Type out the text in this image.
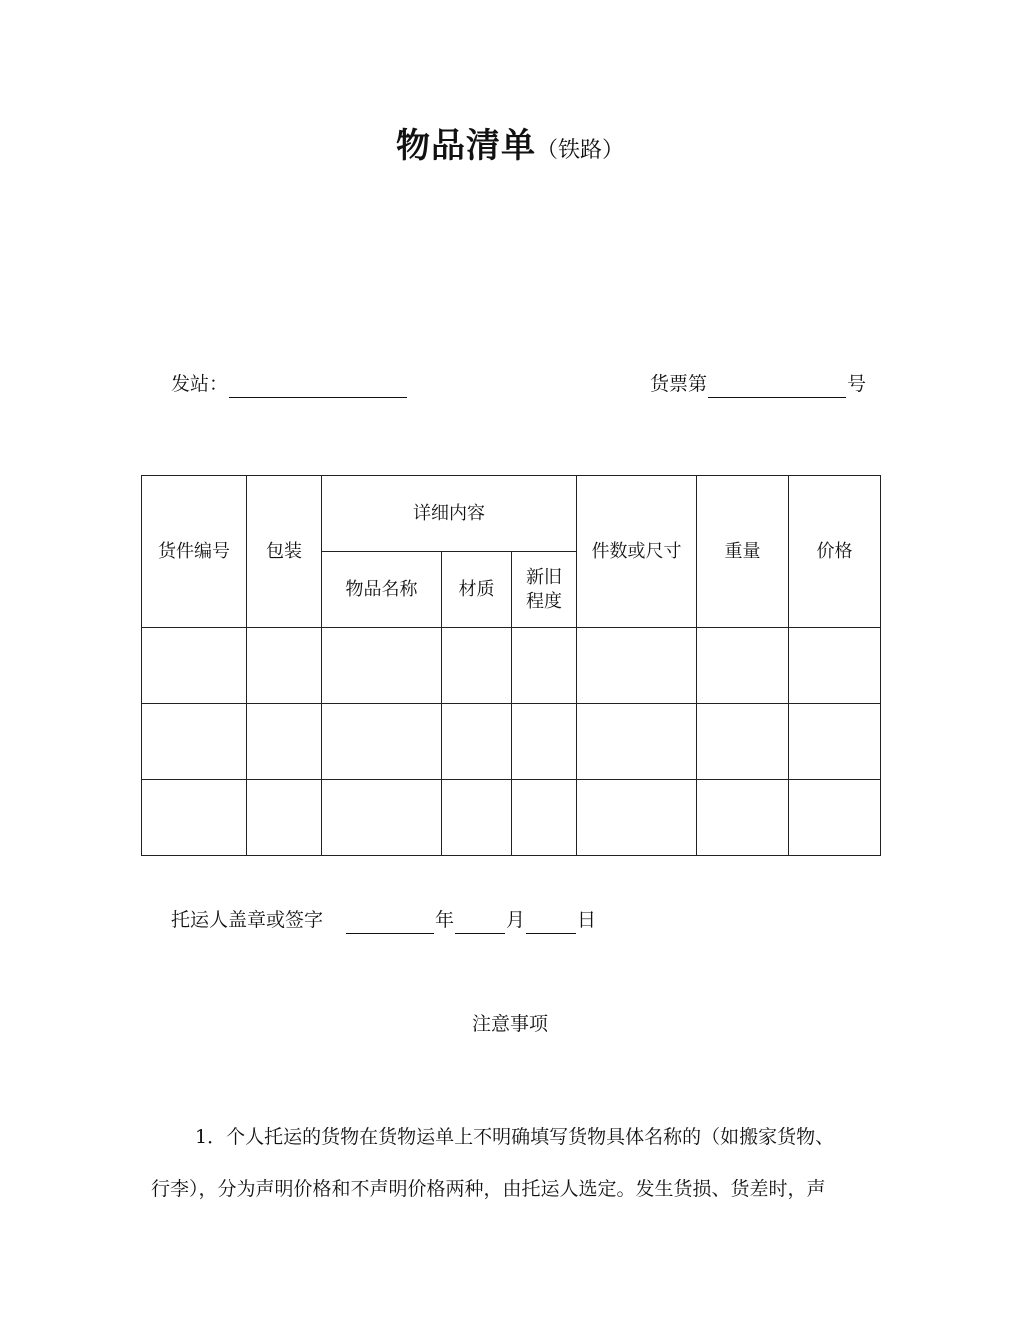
物品清单（铁路）
发站：	货票第	号
货件编号	包装	详细内容			件数或尺寸	重量	价格
		物品名称	材质	新旧
程度			

托运人盖章或签字	年	月	日
注意事项
1．个人托运的货物在货物运单上不明确填写货物具体名称的（如搬家货物、
行李），分为声明价格和不声明价格两种，由托运人选定。发生货损、货差时，声
